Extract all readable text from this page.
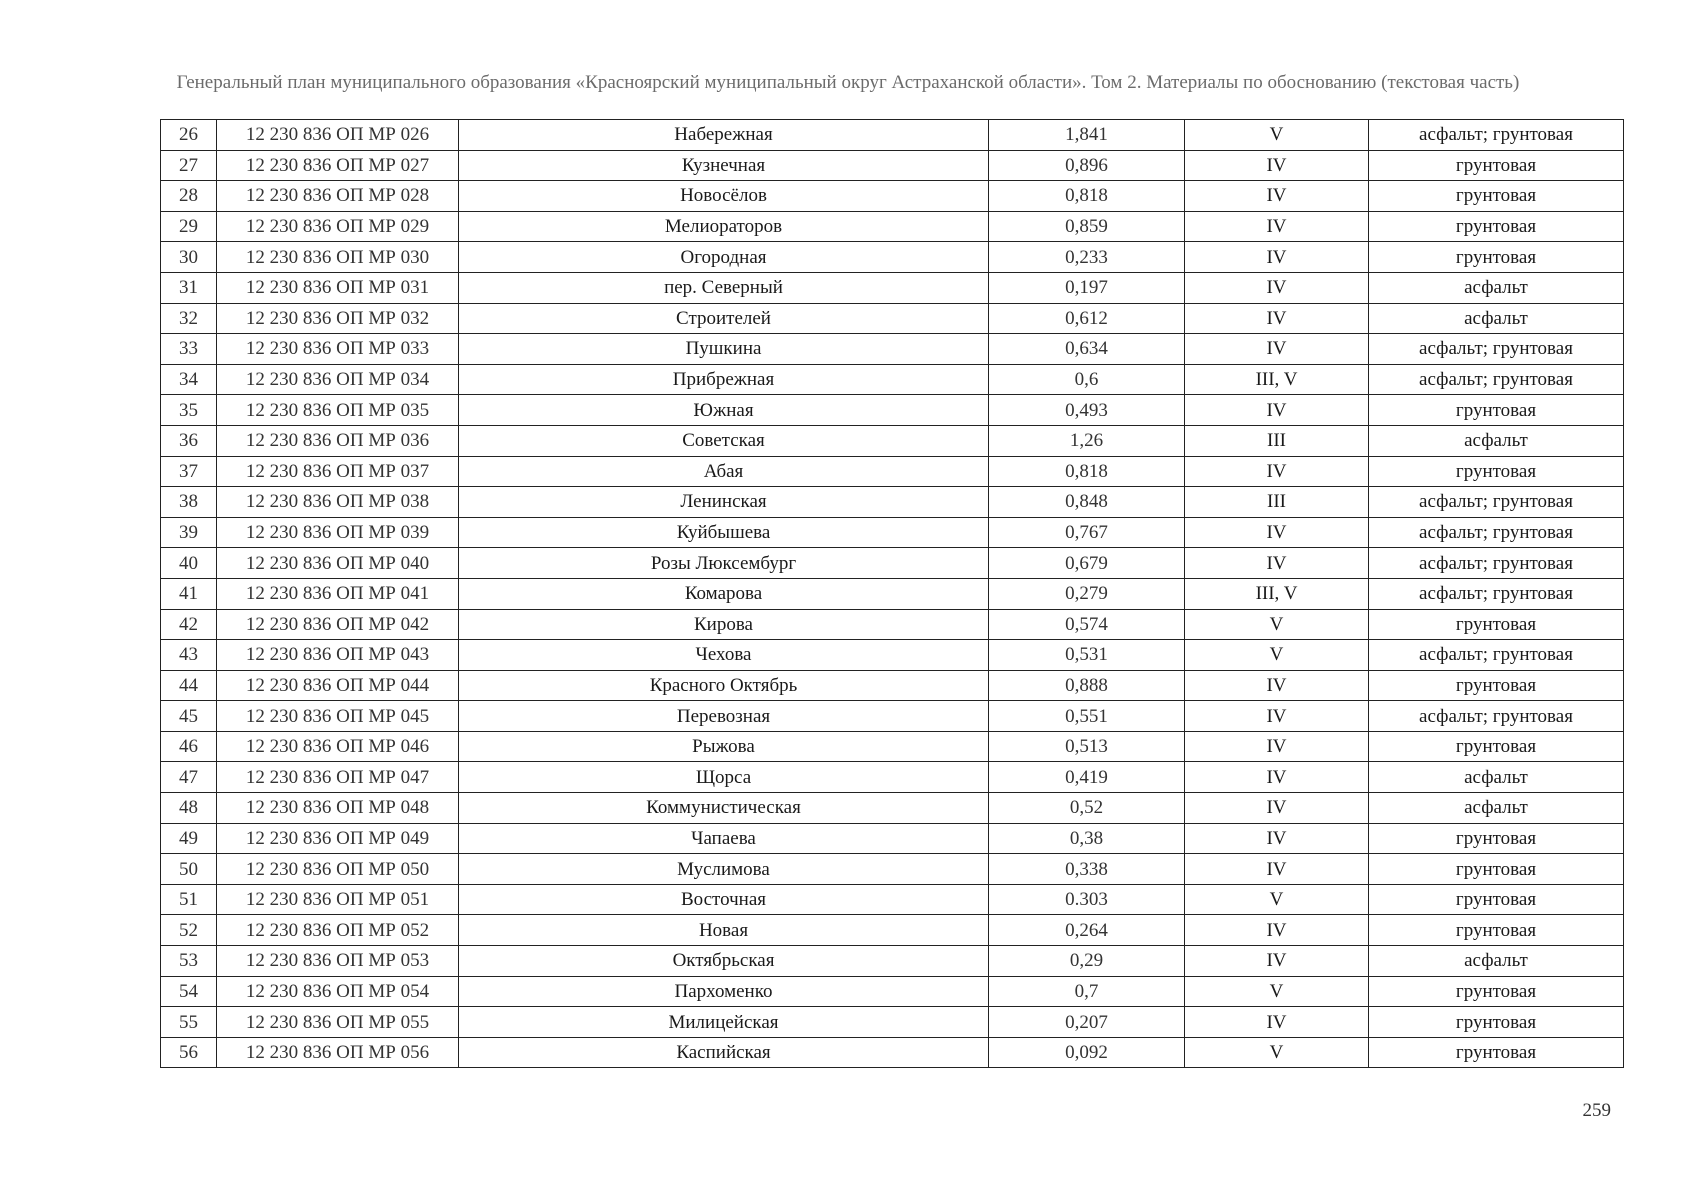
Генеральный план муниципального образования «Красноярский муниципальный округ Астраханской области». Том 2. Материалы по обоснованию (текстовая часть)
26	12 230 836 ОП МР 026	Набережная	1,841	V	асфальт; грунтовая
27	12 230 836 ОП МР 027	Кузнечная	0,896	IV	грунтовая
28	12 230 836 ОП МР 028	Новосёлов	0,818	IV	грунтовая
29	12 230 836 ОП МР 029	Мелиораторов	0,859	IV	грунтовая
30	12 230 836 ОП МР 030	Огородная	0,233	IV	грунтовая
31	12 230 836 ОП МР 031	пер. Северный	0,197	IV	асфальт
32	12 230 836 ОП МР 032	Строителей	0,612	IV	асфальт
33	12 230 836 ОП МР 033	Пушкина	0,634	IV	асфальт; грунтовая
34	12 230 836 ОП МР 034	Прибрежная	0,6	III, V	асфальт; грунтовая
35	12 230 836 ОП МР 035	Южная	0,493	IV	грунтовая
36	12 230 836 ОП МР 036	Советская	1,26	III	асфальт
37	12 230 836 ОП МР 037	Абая	0,818	IV	грунтовая
38	12 230 836 ОП МР 038	Ленинская	0,848	III	асфальт; грунтовая
39	12 230 836 ОП МР 039	Куйбышева	0,767	IV	асфальт; грунтовая
40	12 230 836 ОП МР 040	Розы Люксембург	0,679	IV	асфальт; грунтовая
41	12 230 836 ОП МР 041	Комарова	0,279	III, V	асфальт; грунтовая
42	12 230 836 ОП МР 042	Кирова	0,574	V	грунтовая
43	12 230 836 ОП МР 043	Чехова	0,531	V	асфальт; грунтовая
44	12 230 836 ОП МР 044	Красного Октябрь	0,888	IV	грунтовая
45	12 230 836 ОП МР 045	Перевозная	0,551	IV	асфальт; грунтовая
46	12 230 836 ОП МР 046	Рыжова	0,513	IV	грунтовая
47	12 230 836 ОП МР 047	Щорса	0,419	IV	асфальт
48	12 230 836 ОП МР 048	Коммунистическая	0,52	IV	асфальт
49	12 230 836 ОП МР 049	Чапаева	0,38	IV	грунтовая
50	12 230 836 ОП МР 050	Муслимова	0,338	IV	грунтовая
51	12 230 836 ОП МР 051	Восточная	0.303	V	грунтовая
52	12 230 836 ОП МР 052	Новая	0,264	IV	грунтовая
53	12 230 836 ОП МР 053	Октябрьская	0,29	IV	асфальт
54	12 230 836 ОП МР 054	Пархоменко	0,7	V	грунтовая
55	12 230 836 ОП МР 055	Милицейская	0,207	IV	грунтовая
56	12 230 836 ОП МР 056	Каспийская	0,092	V	грунтовая
259
